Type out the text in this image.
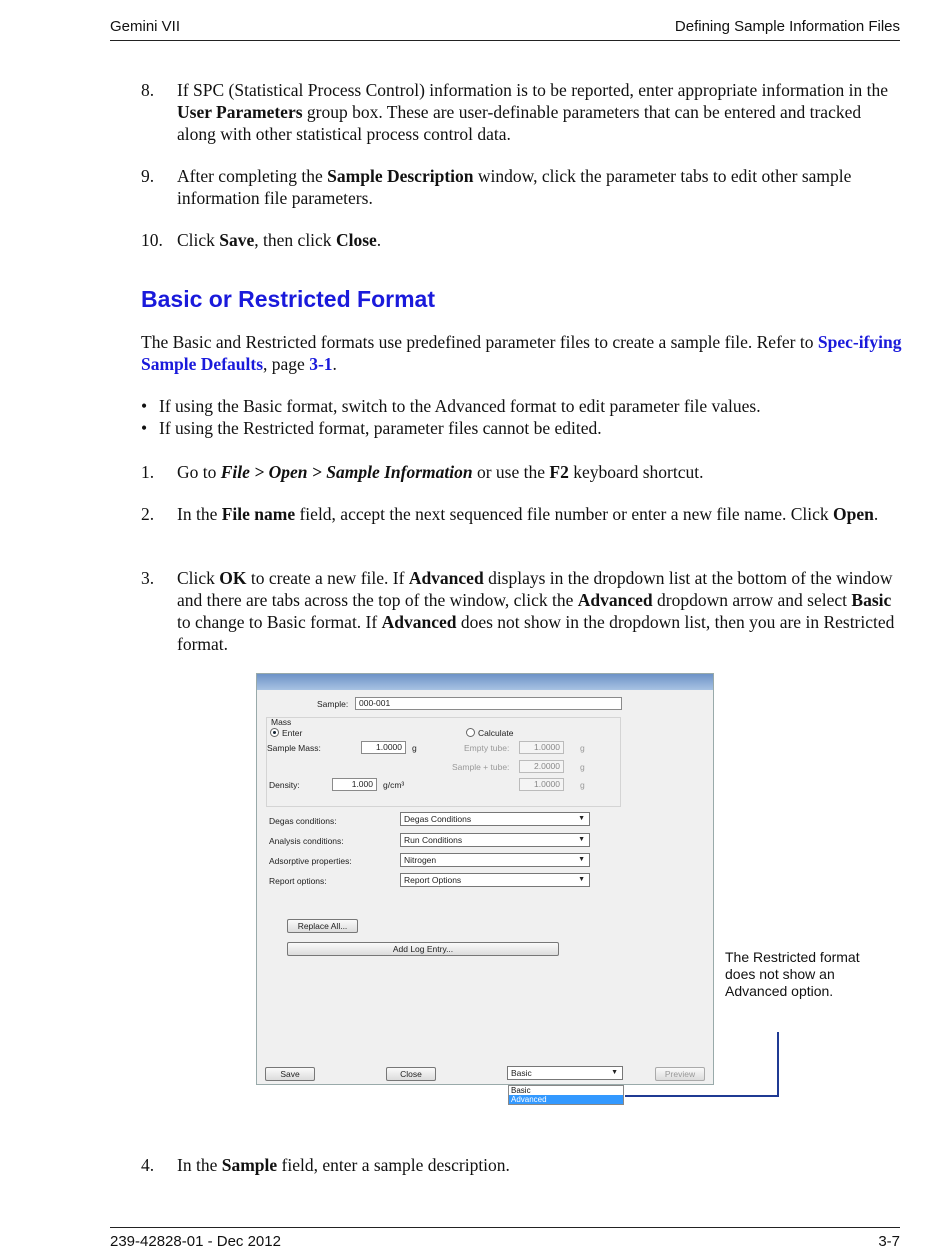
Gemini VII	Defining Sample Information Files
8. If SPC (Statistical Process Control) information is to be reported, enter appropriate information in the User Parameters group box. These are user-definable parameters that can be entered and tracked along with other statistical process control data.
9. After completing the Sample Description window, click the parameter tabs to edit other sample information file parameters.
10. Click Save, then click Close.
Basic or Restricted Format
The Basic and Restricted formats use predefined parameter files to create a sample file. Refer to Spec-ifying Sample Defaults, page 3-1.
• If using the Basic format, switch to the Advanced format to edit parameter file values.
• If using the Restricted format, parameter files cannot be edited.
1. Go to File > Open > Sample Information or use the F2 keyboard shortcut.
2. In the File name field, accept the next sequenced file number or enter a new file name. Click Open.
3. Click OK to create a new file. If Advanced displays in the dropdown list at the bottom of the window and there are tabs across the top of the window, click the Advanced dropdown arrow and select Basic to change to Basic format. If Advanced does not show in the dropdown list, then you are in Restricted format.
4. In the Sample field, enter a sample description.
Sample:	000-001
Mass
Enter	Calculate
Sample Mass:	1.0000	g	Empty tube:	1.0000	g
Sample + tube:	2.0000	g
Density:	1.000	g/cm³	1.0000	g
Degas conditions:	Degas Conditions	▼
Analysis conditions:	Run Conditions	▼
Adsorptive properties:	Nitrogen	▼
Report options:	Report Options	▼
Replace All...
Add Log Entry...
Save	Close	Basic	▼	Preview
Basic
Advanced
The Restricted format does not show an Advanced option.
239-42828-01 - Dec 2012	3-7
